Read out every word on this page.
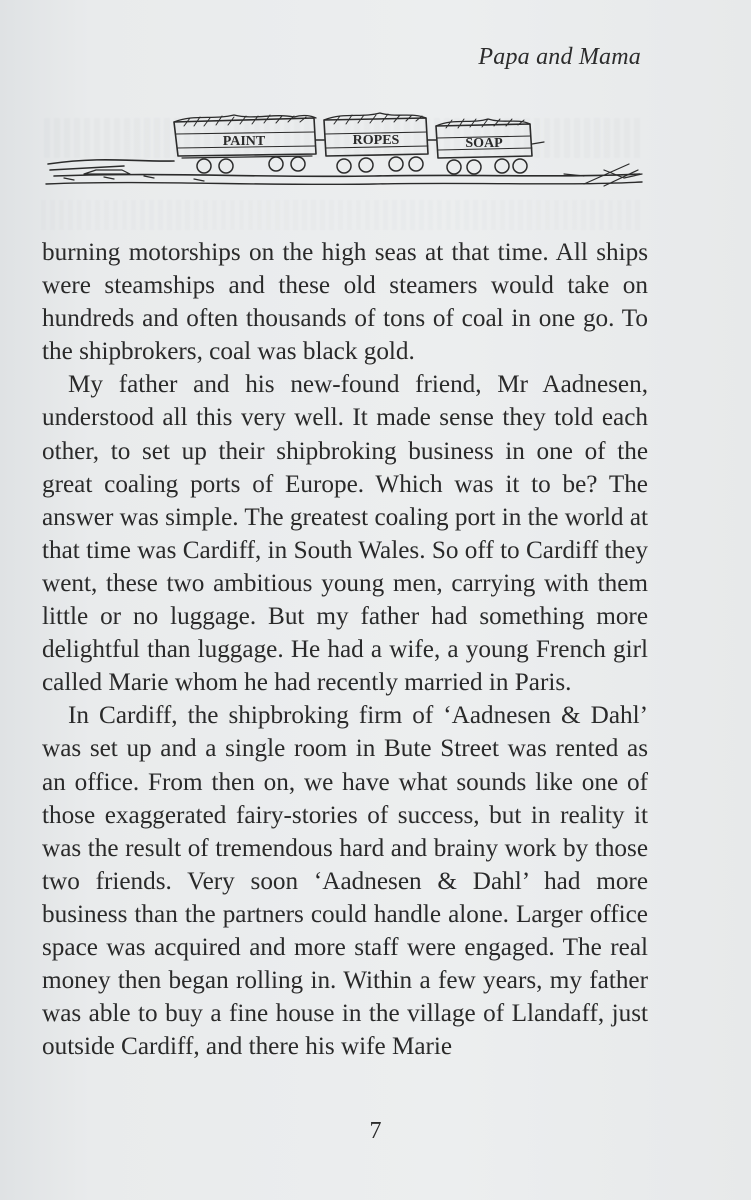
Papa and Mama
PAINT	ROPES	SOAP

burning motorships on the high seas at that time. All ships were steamships and these old steamers would take on hundreds and often thousands of tons of coal in one go. To the shipbrokers, coal was black gold.

My father and his new-found friend, Mr Aadnesen, understood all this very well. It made sense they told each other, to set up their shipbroking business in one of the great coaling ports of Europe. Which was it to be? The answer was simple. The greatest coaling port in the world at that time was Cardiff, in South Wales. So off to Cardiff they went, these two ambitious young men, carrying with them little or no luggage. But my father had something more delightful than luggage. He had a wife, a young French girl called Marie whom he had recently married in Paris.

In Cardiff, the shipbroking firm of ‘Aadnesen & Dahl’ was set up and a single room in Bute Street was rented as an office. From then on, we have what sounds like one of those exaggerated fairy-stories of success, but in reality it was the result of tremendous hard and brainy work by those two friends. Very soon ‘Aadnesen & Dahl’ had more business than the partners could handle alone. Larger office space was acquired and more staff were engaged. The real money then began rolling in. Within a few years, my father was able to buy a fine house in the village of Llandaff, just outside Cardiff, and there his wife Marie

7
